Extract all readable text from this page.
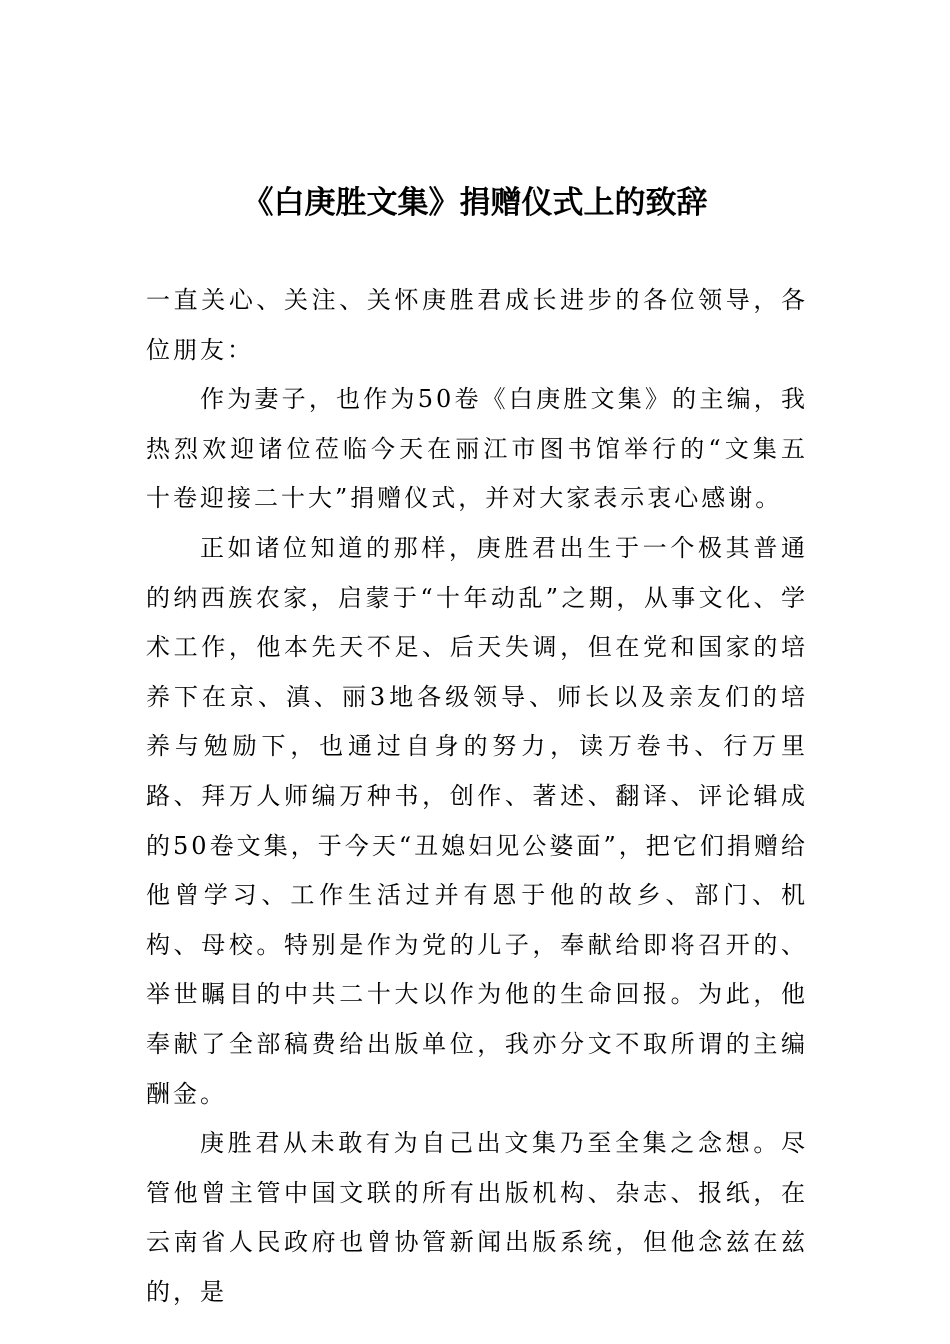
《白庚胜文集》捐赠仪式上的致辞

一直关心、关注、关怀庚胜君成长进步的各位领导，各位朋友：

作为妻子，也作为50卷《白庚胜文集》的主编，我热烈欢迎诸位莅临今天在丽江市图书馆举行的“文集五十卷迎接二十大”捐赠仪式，并对大家表示衷心感谢。

正如诸位知道的那样，庚胜君出生于一个极其普通的纳西族农家，启蒙于“十年动乱”之期，从事文化、学术工作，他本先天不足、后天失调，但在党和国家的培养下在京、滇、丽3地各级领导、师长以及亲友们的培养与勉励下，也通过自身的努力，读万卷书、行万里路、拜万人师编万种书，创作、著述、翻译、评论辑成的50卷文集，于今天“丑媳妇见公婆面”，把它们捐赠给他曾学习、工作生活过并有恩于他的故乡、部门、机构、母校。特别是作为党的儿子，奉献给即将召开的、举世瞩目的中共二十大以作为他的生命回报。为此，他奉献了全部稿费给出版单位，我亦分文不取所谓的主编酬金。

庚胜君从未敢有为自己出文集乃至全集之念想。尽管他曾主管中国文联的所有出版机构、杂志、报纸，在云南省人民政府也曾协管新闻出版系统，但他念兹在兹的，是
